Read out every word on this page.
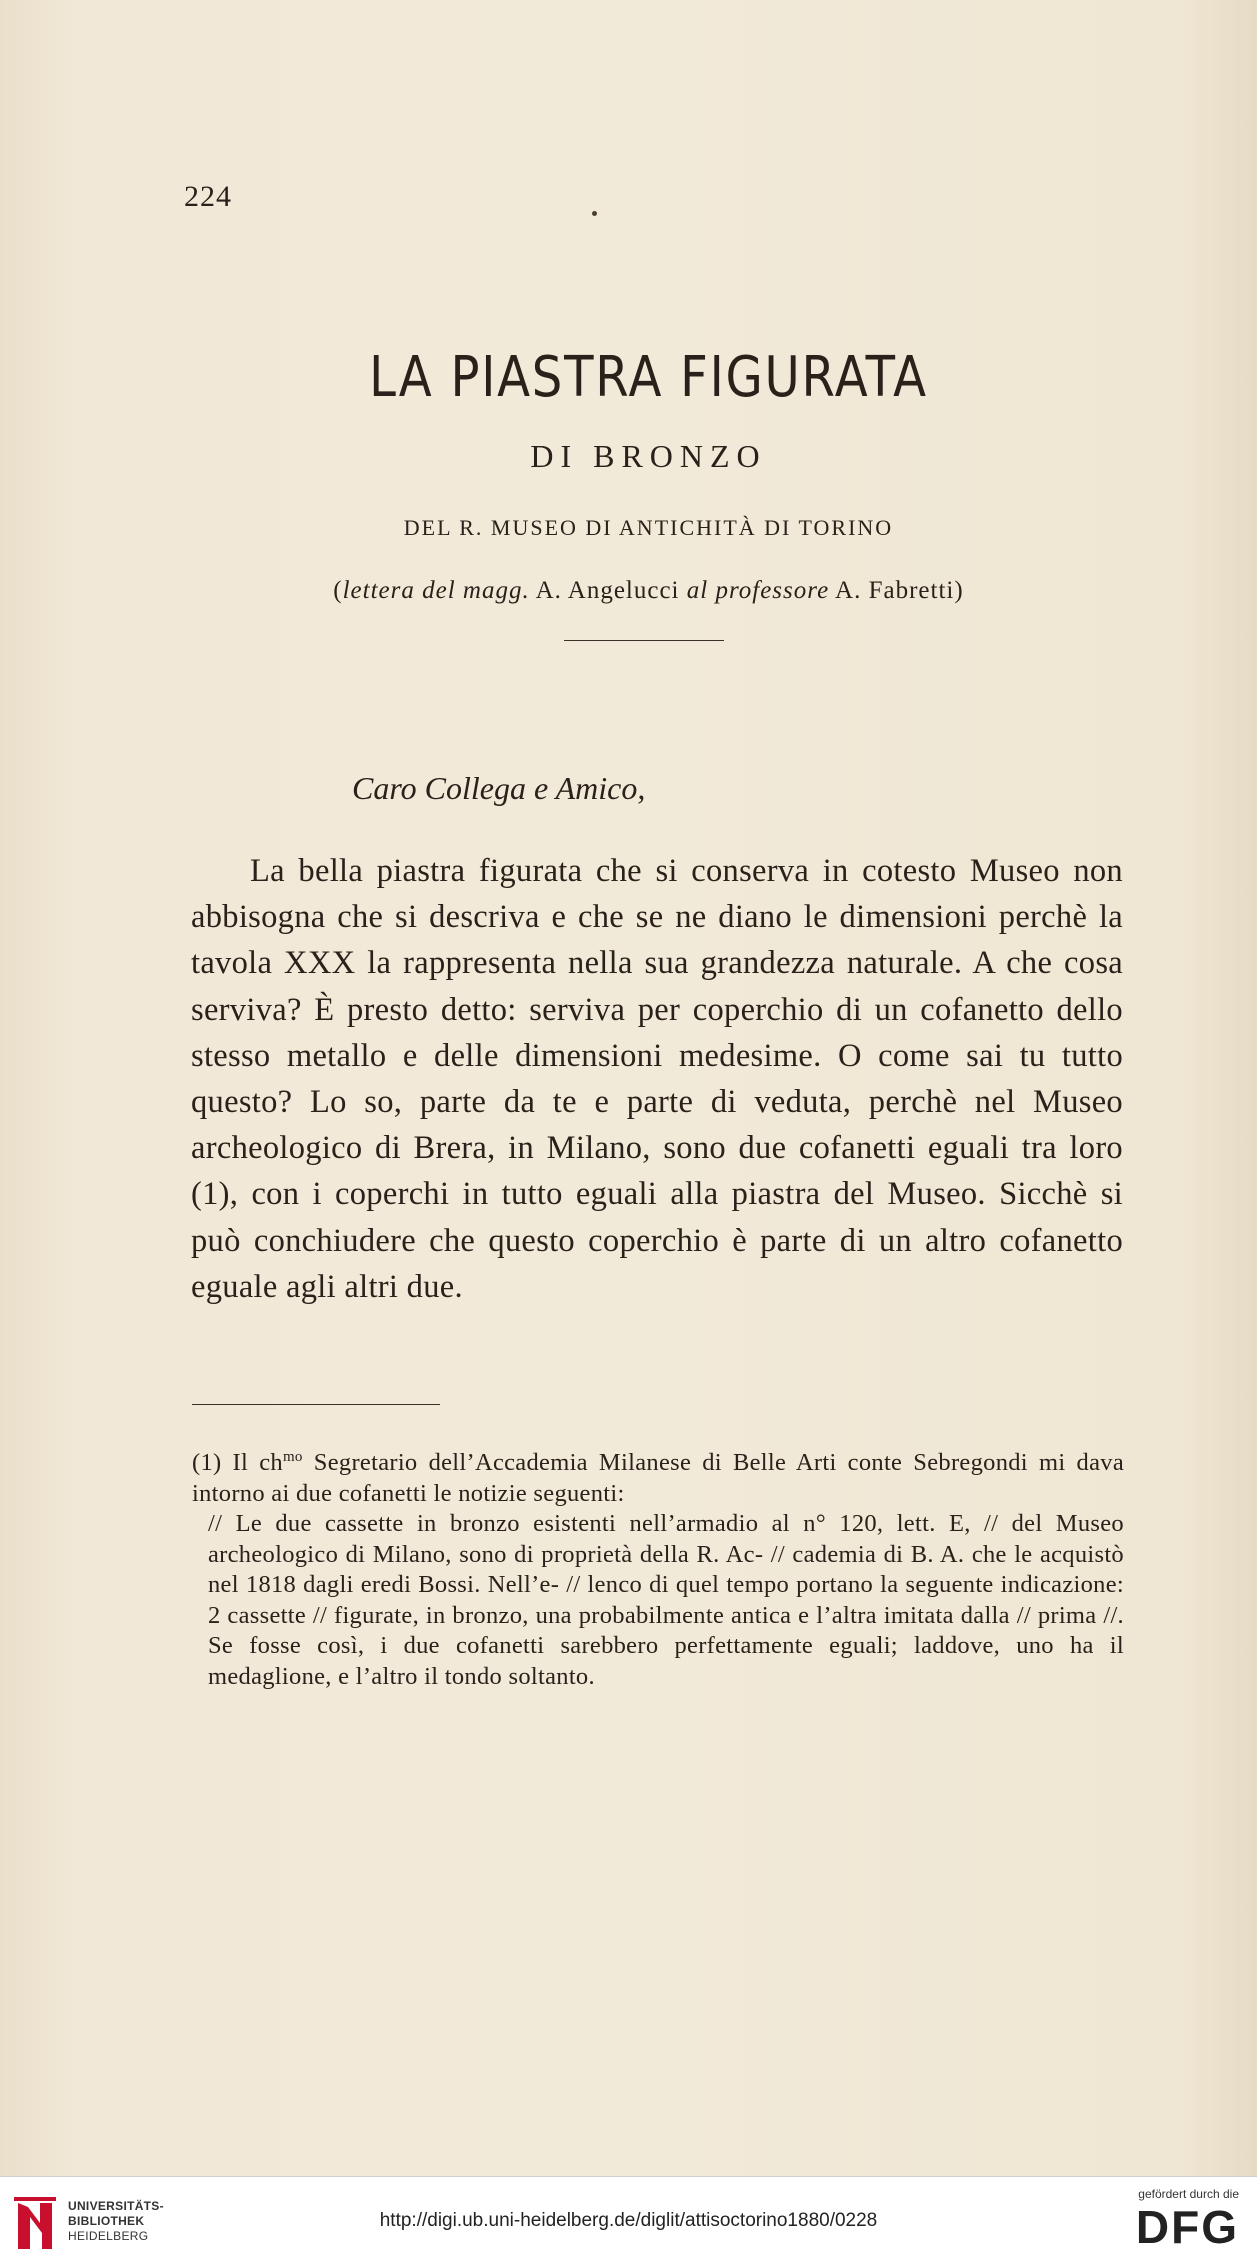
224
LA PIASTRA FIGURATA
DI BRONZO
DEL R. MUSEO DI ANTICHITÀ DI TORINO
(lettera del magg. A. Angelucci al professore A. Fabretti)
Caro Collega e Amico,

La bella piastra figurata che si conserva in cotesto Museo non abbisogna che si descriva e che se ne diano le dimensioni perchè la tavola XXX la rappresenta nella sua grandezza naturale. A che cosa serviva? È presto detto: serviva per coperchio di un cofanetto dello stesso metallo e delle dimensioni medesime. O come sai tu tutto questo? Lo so, parte da te e parte di veduta, perchè nel Museo archeologico di Brera, in Milano, sono due cofanetti eguali tra loro (1), con i coperchi in tutto eguali alla piastra del Museo. Sicchè si può conchiudere che questo coperchio è parte di un altro cofanetto eguale agli altri due.

(1) Il $ch^{mo}$ Segretario dell’Accademia Milanese di Belle Arti conte Sebregondi mi dava intorno ai due cofanetti le notizie seguenti:

// Le due cassette in bronzo esistenti nell’armadio al n° 120, lett. E, // del Museo archeologico di Milano, sono di proprietà della R. Ac- // cademia di B. A. che le acquistò nel 1818 dagli eredi Bossi. Nell’e- // lenco di quel tempo portano la seguente indicazione: 2 cassette // figurate, in bronzo, una probabilmente antica e l’altra imitata dalla // prima //. Se fosse così, i due cofanetti sarebbero perfettamente eguali; laddove, uno ha il medaglione, e l’altro il tondo soltanto.

UNIVERSITÄTS-
BIBLIOTHEK
HEIDELBERG
http://digi.ub.uni-heidelberg.de/diglit/attisoctorino1880/0228
gefördert durch die
DFG
